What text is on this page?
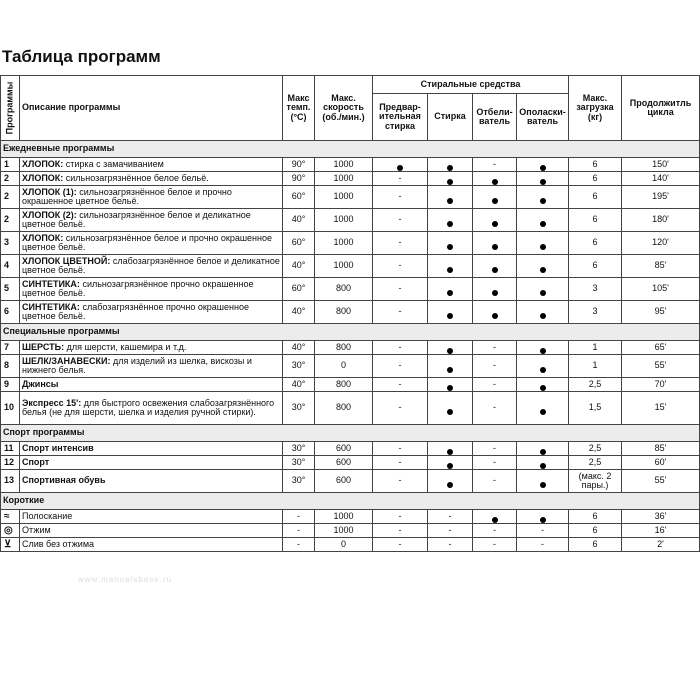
Таблица программ
Программы	Описание программы	Макс темп. (°C)	Макс. скорость (об./мин.)	Стиральные средства				Макс. загрузка (кг)	Продолжитль цикла
				Предвар-ительная стирка	Стирка	Отбели-ватель	Ополаски-ватель		
Ежедневные программы									
1	ХЛОПОК: стирка с замачиванием	90°	1000			-		6	150'
2	ХЛОПОК: сильнозагрязнённое белое бельё.	90°	1000	-				6	140'
2	ХЛОПОК (1): сильнозагрязнённое белое и прочно окрашенное цветное бельё.	60°	1000	-				6	195'
2	ХЛОПОК (2): сильнозагрязнённое белое и деликатное цветное бельё.	40°	1000	-				6	180'
3	ХЛОПОК: сильнозагрязнённое белое и прочно окрашенное цветное бельё.	60°	1000	-				6	120'
4	ХЛОПОК ЦВЕТНОЙ: слабозагрязнённое белое и деликатное цветное бельё.	40°	1000	-				6	85'
5	СИНТЕТИКА: сильнозагрязнённое прочно окрашенное цветное бельё.	60°	800	-				3	105'
6	СИНТЕТИКА: слабозагрязнённое прочно окрашенное цветное бельё.	40°	800	-				3	95'
Специальные программы									
7	ШЕРСТЬ: для шерсти, кашемира и т.д.	40°	800	-		-		1	65'
8	ШЕЛК/ЗАНАВЕСКИ: для изделий из шелка, вискозы и нижнего белья.	30°	0	-		-		1	55'
9	Джинсы	40°	800	-		-		2,5	70'
10	Экспресс 15': для быстрого освежения слабозагрязнённого белья (не для шерсти, шелка и изделия ручной стирки).	30°	800	-		-		1,5	15'
Спорт программы									
11	Спорт интенсив	30°	600	-		-		2,5	85'
12	Спорт	30°	600	-		-		2,5	60'
13	Спортивная обувь	30°	600	-		-		(макс. 2 пары.)	55'
Короткие									
≈	Полоскание	-	1000	-	-			6	36'
◎	Отжим	-	1000	-	-	-	-	6	16'
⊻	Слив без отжима	-	0	-	-	-	-	6	2'
www.manualsbase.ru
